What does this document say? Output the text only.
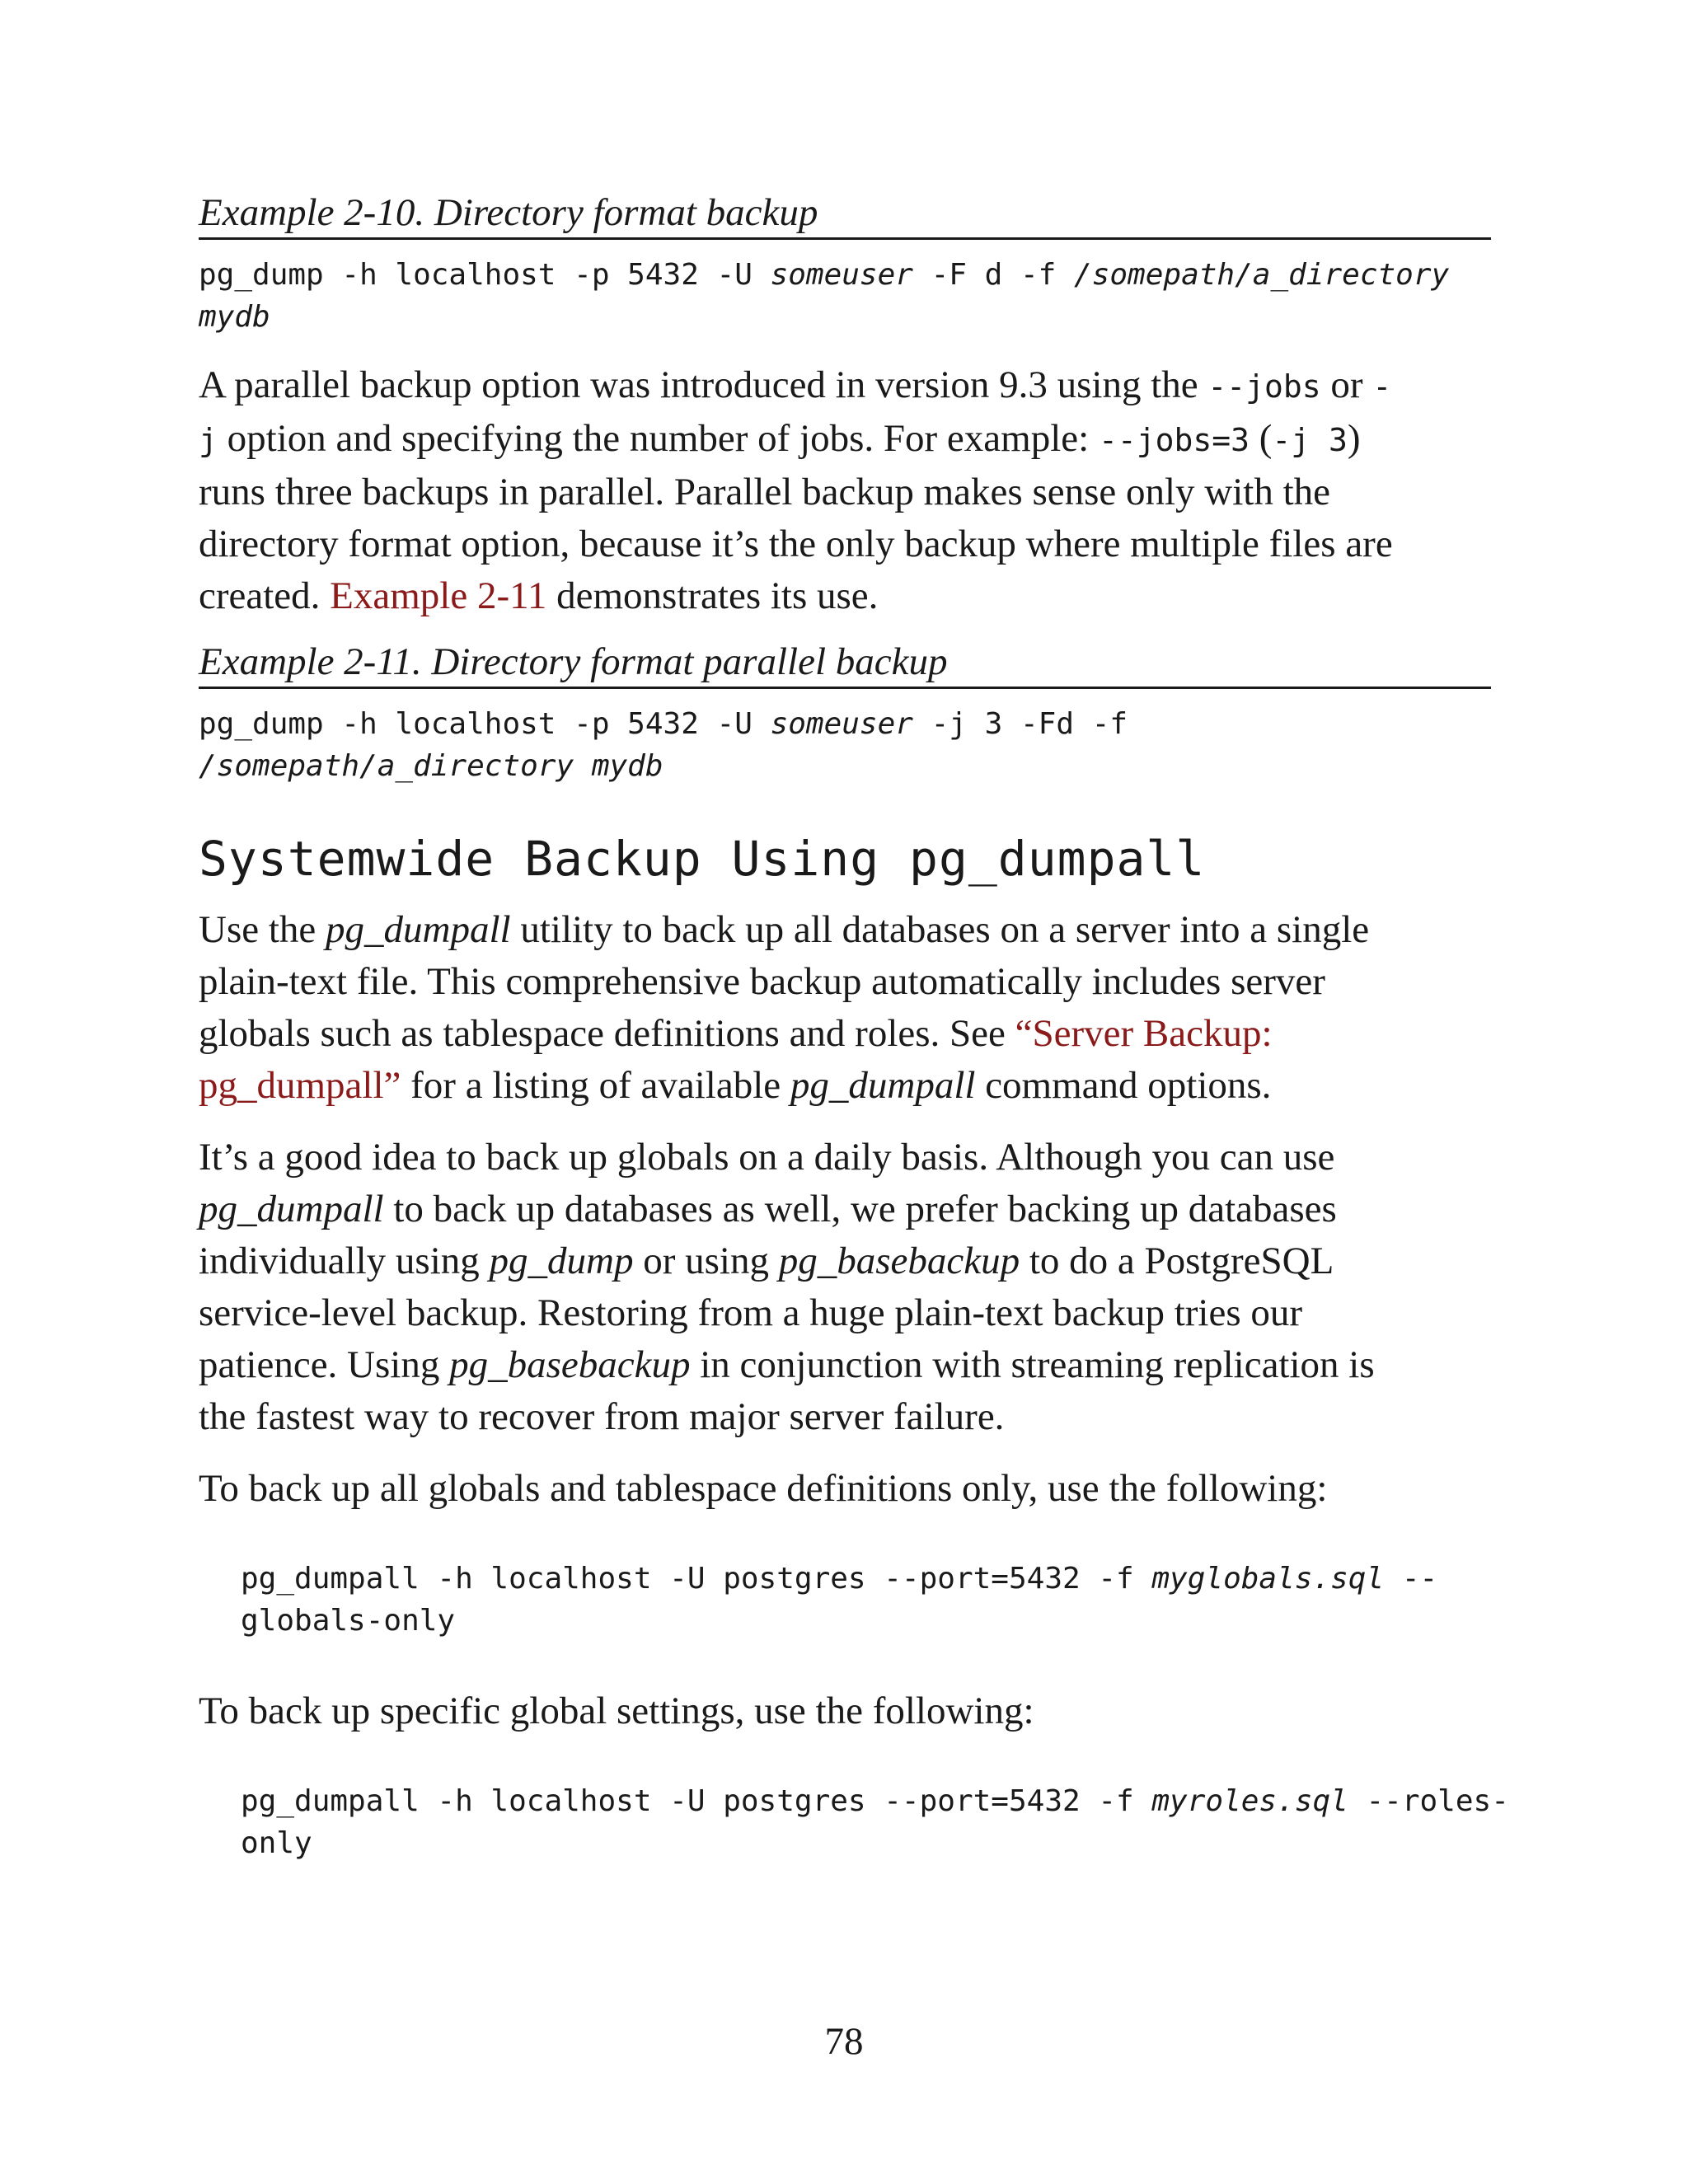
Example 2-10. Directory format backup

pg_dump -h localhost -p 5432 -U someuser -F d -f /somepath/a_directory

mydb

A parallel backup option was introduced in version 9.3 using the --jobs or -

j option and specifying the number of jobs. For example: --jobs=3 (-j 3)

runs three backups in parallel. Parallel backup makes sense only with the

directory format option, because it’s the only backup where multiple files are

created. Example 2-11 demonstrates its use.

Example 2-11. Directory format parallel backup

pg_dump -h localhost -p 5432 -U someuser -j 3 -Fd -f

/somepath/a_directory mydb

Systemwide Backup Using pg_dumpall

Use the pg_dumpall utility to back up all databases on a server into a single

plain-text file. This comprehensive backup automatically includes server

globals such as tablespace definitions and roles. See “Server Backup:

pg_dumpall” for a listing of available pg_dumpall command options.

It’s a good idea to back up globals on a daily basis. Although you can use

pg_dumpall to back up databases as well, we prefer backing up databases

individually using pg_dump or using pg_basebackup to do a PostgreSQL

service-level backup. Restoring from a huge plain-text backup tries our

patience. Using pg_basebackup in conjunction with streaming replication is

the fastest way to recover from major server failure.

To back up all globals and tablespace definitions only, use the following:

pg_dumpall -h localhost -U postgres --port=5432 -f myglobals.sql --

globals-only

To back up specific global settings, use the following:

pg_dumpall -h localhost -U postgres --port=5432 -f myroles.sql --roles-

only

78
